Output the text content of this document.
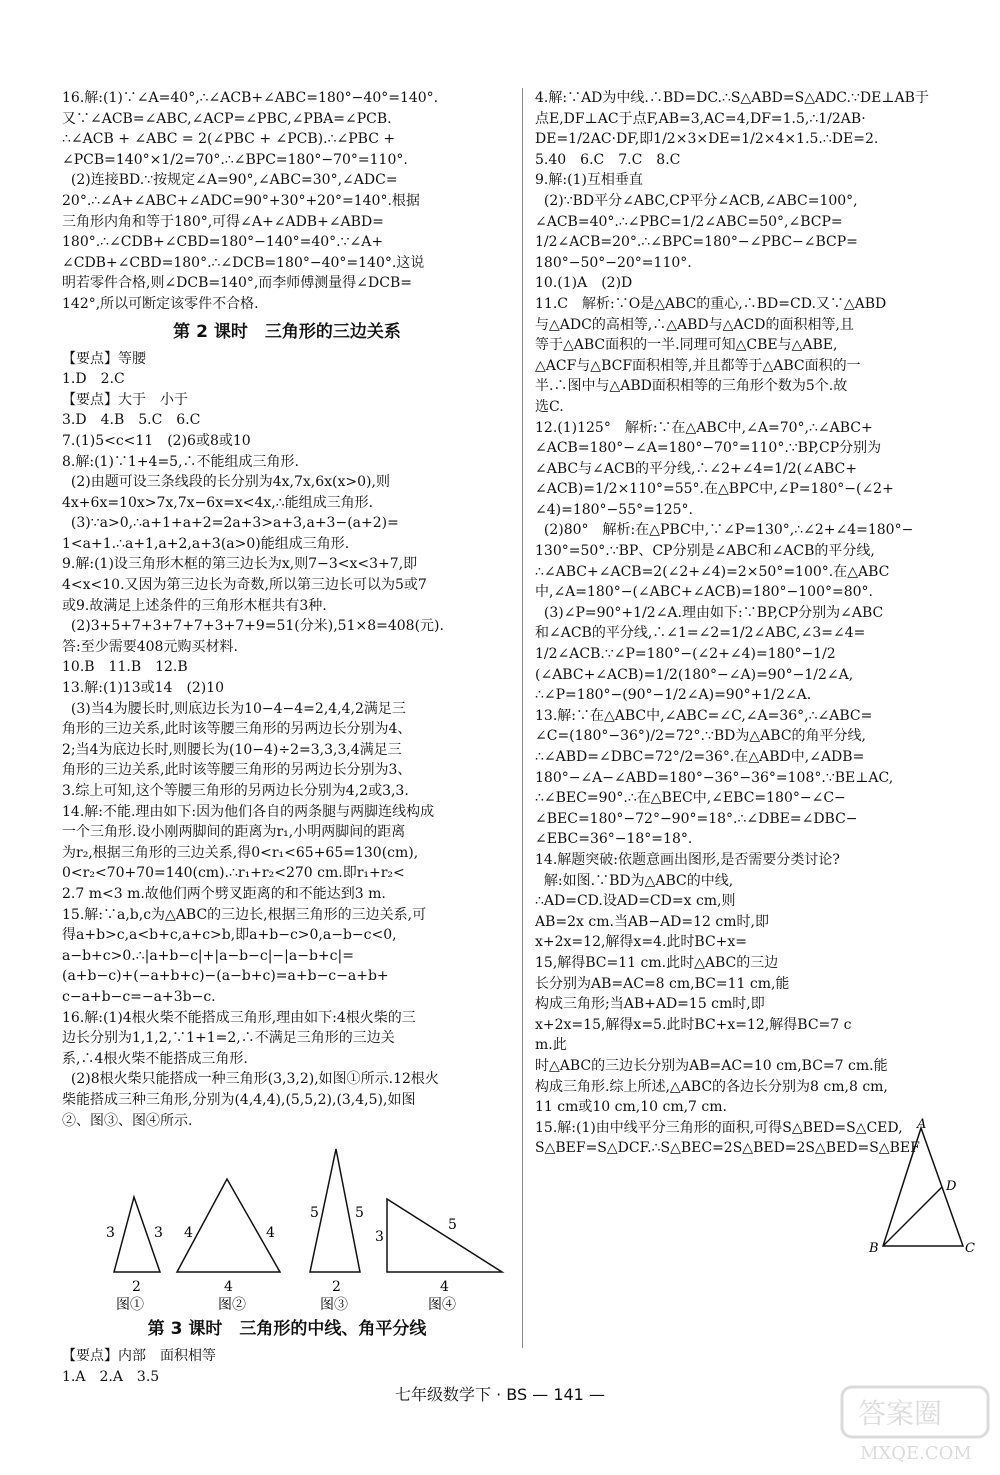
16.解:(1)∵∠A=40°,∴∠ACB+∠ABC=180°−40°=140°.

又∵∠ACB=∠ABC,∠ACP=∠PBC,∠PBA=∠PCB.

∴∠ACB + ∠ABC = 2(∠PBC + ∠PCB).∴∠PBC +

∠PCB=140°×1/2=70°.∴∠BPC=180°−70°=110°.

(2)连接BD.∵按规定∠A=90°,∠ABC=30°,∠ADC=

20°.∴∠A+∠ABC+∠ADC=90°+30°+20°=140°.根据

三角形内角和等于180°,可得∠A+∠ADB+∠ABD=

180°.∴∠CDB+∠CBD=180°−140°=40°.∵∠A+

∠CDB+∠CBD=180°.∴∠DCB=180°−40°=140°.这说

明若零件合格,则∠DCB=140°,而李师傅测量得∠DCB=

142°,所以可断定该零件不合格.

第 2 课时　三角形的三边关系

【要点】等腰

1.D　2.C

【要点】大于　小于

3.D　4.B　5.C　6.C

7.(1)5<c<11　(2)6或8或10

8.解:(1)∵1+4=5,∴不能组成三角形.

(2)由题可设三条线段的长分别为4x,7x,6x(x>0),则

4x+6x=10x>7x,7x−6x=x<4x,∴能组成三角形.

(3)∵a>0,∴a+1+a+2=2a+3>a+3,a+3−(a+2)=

1<a+1.∴a+1,a+2,a+3(a>0)能组成三角形.

9.解:(1)设三角形木框的第三边长为x,则7−3<x<3+7,即

4<x<10.又因为第三边长为奇数,所以第三边长可以为5或7

或9.故满足上述条件的三角形木框共有3种.

(2)3+5+7+3+7+7+3+7+9=51(分米),51×8=408(元).

答:至少需要408元购买材料.

10.B　11.B　12.B

13.解:(1)13或14　(2)10

(3)当4为腰长时,则底边长为10−4−4=2,4,4,2满足三

角形的三边关系,此时该等腰三角形的另两边长分别为4、

2;当4为底边长时,则腰长为(10−4)÷2=3,3,3,4满足三

角形的三边关系,此时该等腰三角形的另两边长分别为3、

3.综上可知,这个等腰三角形的另两边长分别为4,2或3,3.

14.解:不能.理由如下:因为他们各自的两条腿与两脚连线构成

一个三角形.设小刚两脚间的距离为r₁,小明两脚间的距离

为r₂,根据三角形的三边关系,得0<r₁<65+65=130(cm),

0<r₂<70+70=140(cm).∴r₁+r₂<270 cm.即r₁+r₂<

2.7 m<3 m.故他们两个劈叉距离的和不能达到3 m.

15.解:∵a,b,c为△ABC的三边长,根据三角形的三边关系,可

得a+b>c,a<b+c,a+c>b,即a+b−c>0,a−b−c<0,

a−b+c>0.∴|a+b−c|+|a−b−c|−|a−b+c|=

(a+b−c)+(−a+b+c)−(a−b+c)=a+b−c−a+b+

c−a+b−c=−a+3b−c.

16.解:(1)4根火柴不能搭成三角形,理由如下:4根火柴的三

边长分别为1,1,2,∵1+1=2,∴不满足三角形的三边关

系,∴4根火柴不能搭成三角形.

(2)8根火柴只能搭成一种三角形(3,3,2),如图①所示.12根火

柴能搭成三种三角形,分别为(4,4,4),(5,5,2),(3,4,5),如图

②、图③、图④所示.

3	3
2
图①
4	4
4
图②
5	5
2
图③
3
5
4
图④
第 3 课时　三角形的中线、角平分线

【要点】内部　面积相等

1.A　2.A　3.5

4.解:∵AD为中线.∴BD=DC.∴S△ABD=S△ADC.∵DE⊥AB于

点E,DF⊥AC于点F,AB=3,AC=4,DF=1.5,∴1/2AB·

DE=1/2AC·DF,即1/2×3×DE=1/2×4×1.5.∴DE=2.

5.40　6.C　7.C　8.C

9.解:(1)互相垂直

(2)∵BD平分∠ABC,CP平分∠ACB,∠ABC=100°,

∠ACB=40°.∴∠PBC=1/2∠ABC=50°,∠BCP=

1/2∠ACB=20°.∴∠BPC=180°−∠PBC−∠BCP=

180°−50°−20°=110°.

10.(1)A　(2)D

11.C　解析:∵O是△ABC的重心,∴BD=CD.又∵△ABD

与△ADC的高相等,∴△ABD与△ACD的面积相等,且

等于△ABC面积的一半.同理可知△CBE与△ABE,

△ACF与△BCF面积相等,并且都等于△ABC面积的一

半.∴图中与△ABD面积相等的三角形个数为5个.故

选C.

12.(1)125°　解析:∵在△ABC中,∠A=70°,∴∠ABC+

∠ACB=180°−∠A=180°−70°=110°.∵BP,CP分别为

∠ABC与∠ACB的平分线,∴∠2+∠4=1/2(∠ABC+

∠ACB)=1/2×110°=55°.在△BPC中,∠P=180°−(∠2+

∠4)=180°−55°=125°.

(2)80°　解析:在△PBC中,∵∠P=130°,∴∠2+∠4=180°−

130°=50°.∵BP、CP分别是∠ABC和∠ACB的平分线,

∴∠ABC+∠ACB=2(∠2+∠4)=2×50°=100°.在△ABC

中,∠A=180°−(∠ABC+∠ACB)=180°−100°=80°.

(3)∠P=90°+1/2∠A.理由如下:∵BP,CP分别为∠ABC

和∠ACB的平分线,∴∠1=∠2=1/2∠ABC,∠3=∠4=

1/2∠ACB.∵∠P=180°−(∠2+∠4)=180°−1/2

(∠ABC+∠ACB)=1/2(180°−∠A)=90°−1/2∠A,

∴∠P=180°−(90°−1/2∠A)=90°+1/2∠A.

13.解:∵在△ABC中,∠ABC=∠C,∠A=36°,∴∠ABC=

∠C=(180°−36°)/2=72°.∵BD为△ABC的角平分线,

∴∠ABD=∠DBC=72°/2=36°.在△ABD中,∠ADB=

180°−∠A−∠ABD=180°−36°−36°=108°.∵BE⊥AC,

∴∠BEC=90°.∴在△BEC中,∠EBC=180°−∠C−

∠BEC=180°−72°−90°=18°.∴∠DBE=∠DBC−

∠EBC=36°−18°=18°.

14.解题突破:依题意画出图形,是否需要分类讨论?

解:如图.∵BD为△ABC的中线,

∴AD=CD.设AD=CD=x cm,则

AB=2x cm.当AB−AD=12 cm时,即

x+2x=12,解得x=4.此时BC+x=

15,解得BC=11 cm.此时△ABC的三边

长分别为AB=AC=8 cm,BC=11 cm,能

构成三角形;当AB+AD=15 cm时,即

x+2x=15,解得x=5.此时BC+x=12,解得BC=7 cm.此

时△ABC的三边长分别为AB=AC=10 cm,BC=7 cm.能

构成三角形.综上所述,△ABC的各边长分别为8 cm,8 cm,

11 cm或10 cm,10 cm,7 cm.

15.解:(1)由中线平分三角形的面积,可得S△BED=S△CED,

S△BEF=S△DCF.∴S△BEC=2S△BED=2S△BED=S△BEF

A
D
B	C
七年级数学下 · BS — 141 —
答案圈
MXQE.COM
